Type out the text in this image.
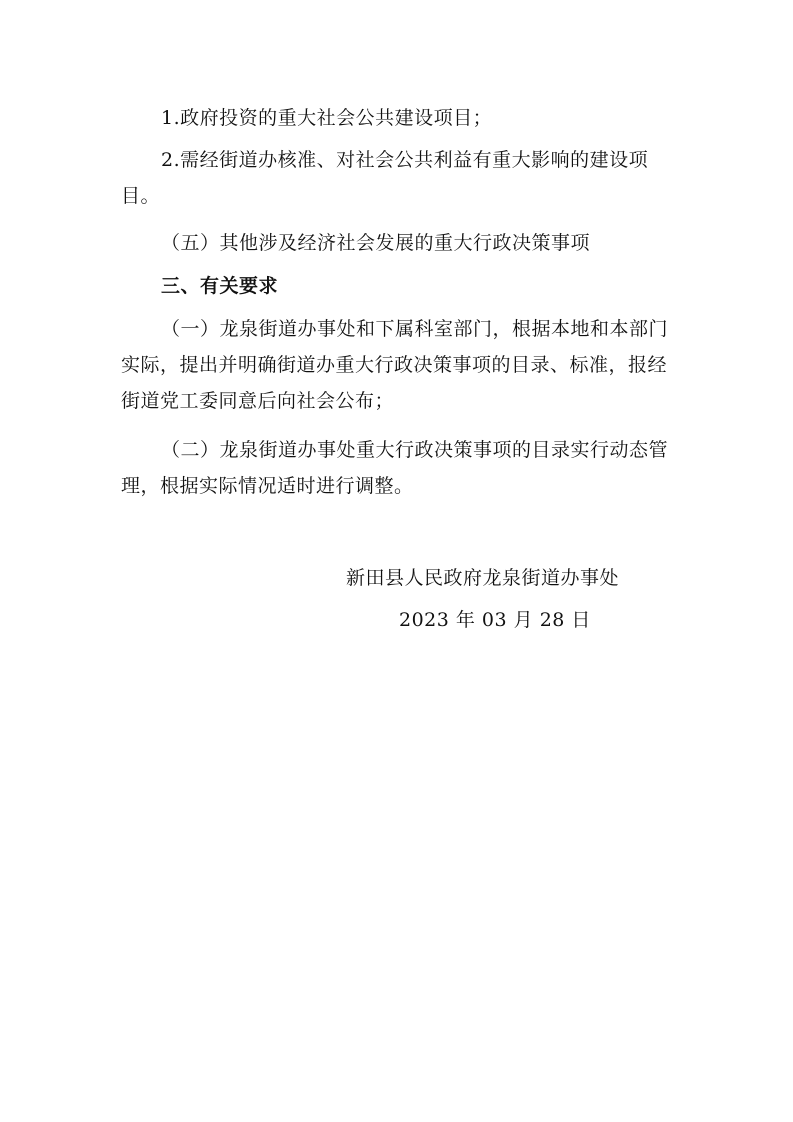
1.政府投资的重大社会公共建设项目；

2.需经街道办核准、对社会公共利益有重大影响的建设项目。

（五）其他涉及经济社会发展的重大行政决策事项

三、有关要求

（一）龙泉街道办事处和下属科室部门，根据本地和本部门实际，提出并明确街道办重大行政决策事项的目录、标准，报经街道党工委同意后向社会公布；

（二）龙泉街道办事处重大行政决策事项的目录实行动态管理，根据实际情况适时进行调整。

新田县人民政府龙泉街道办事处
2023 年 03 月 28 日
